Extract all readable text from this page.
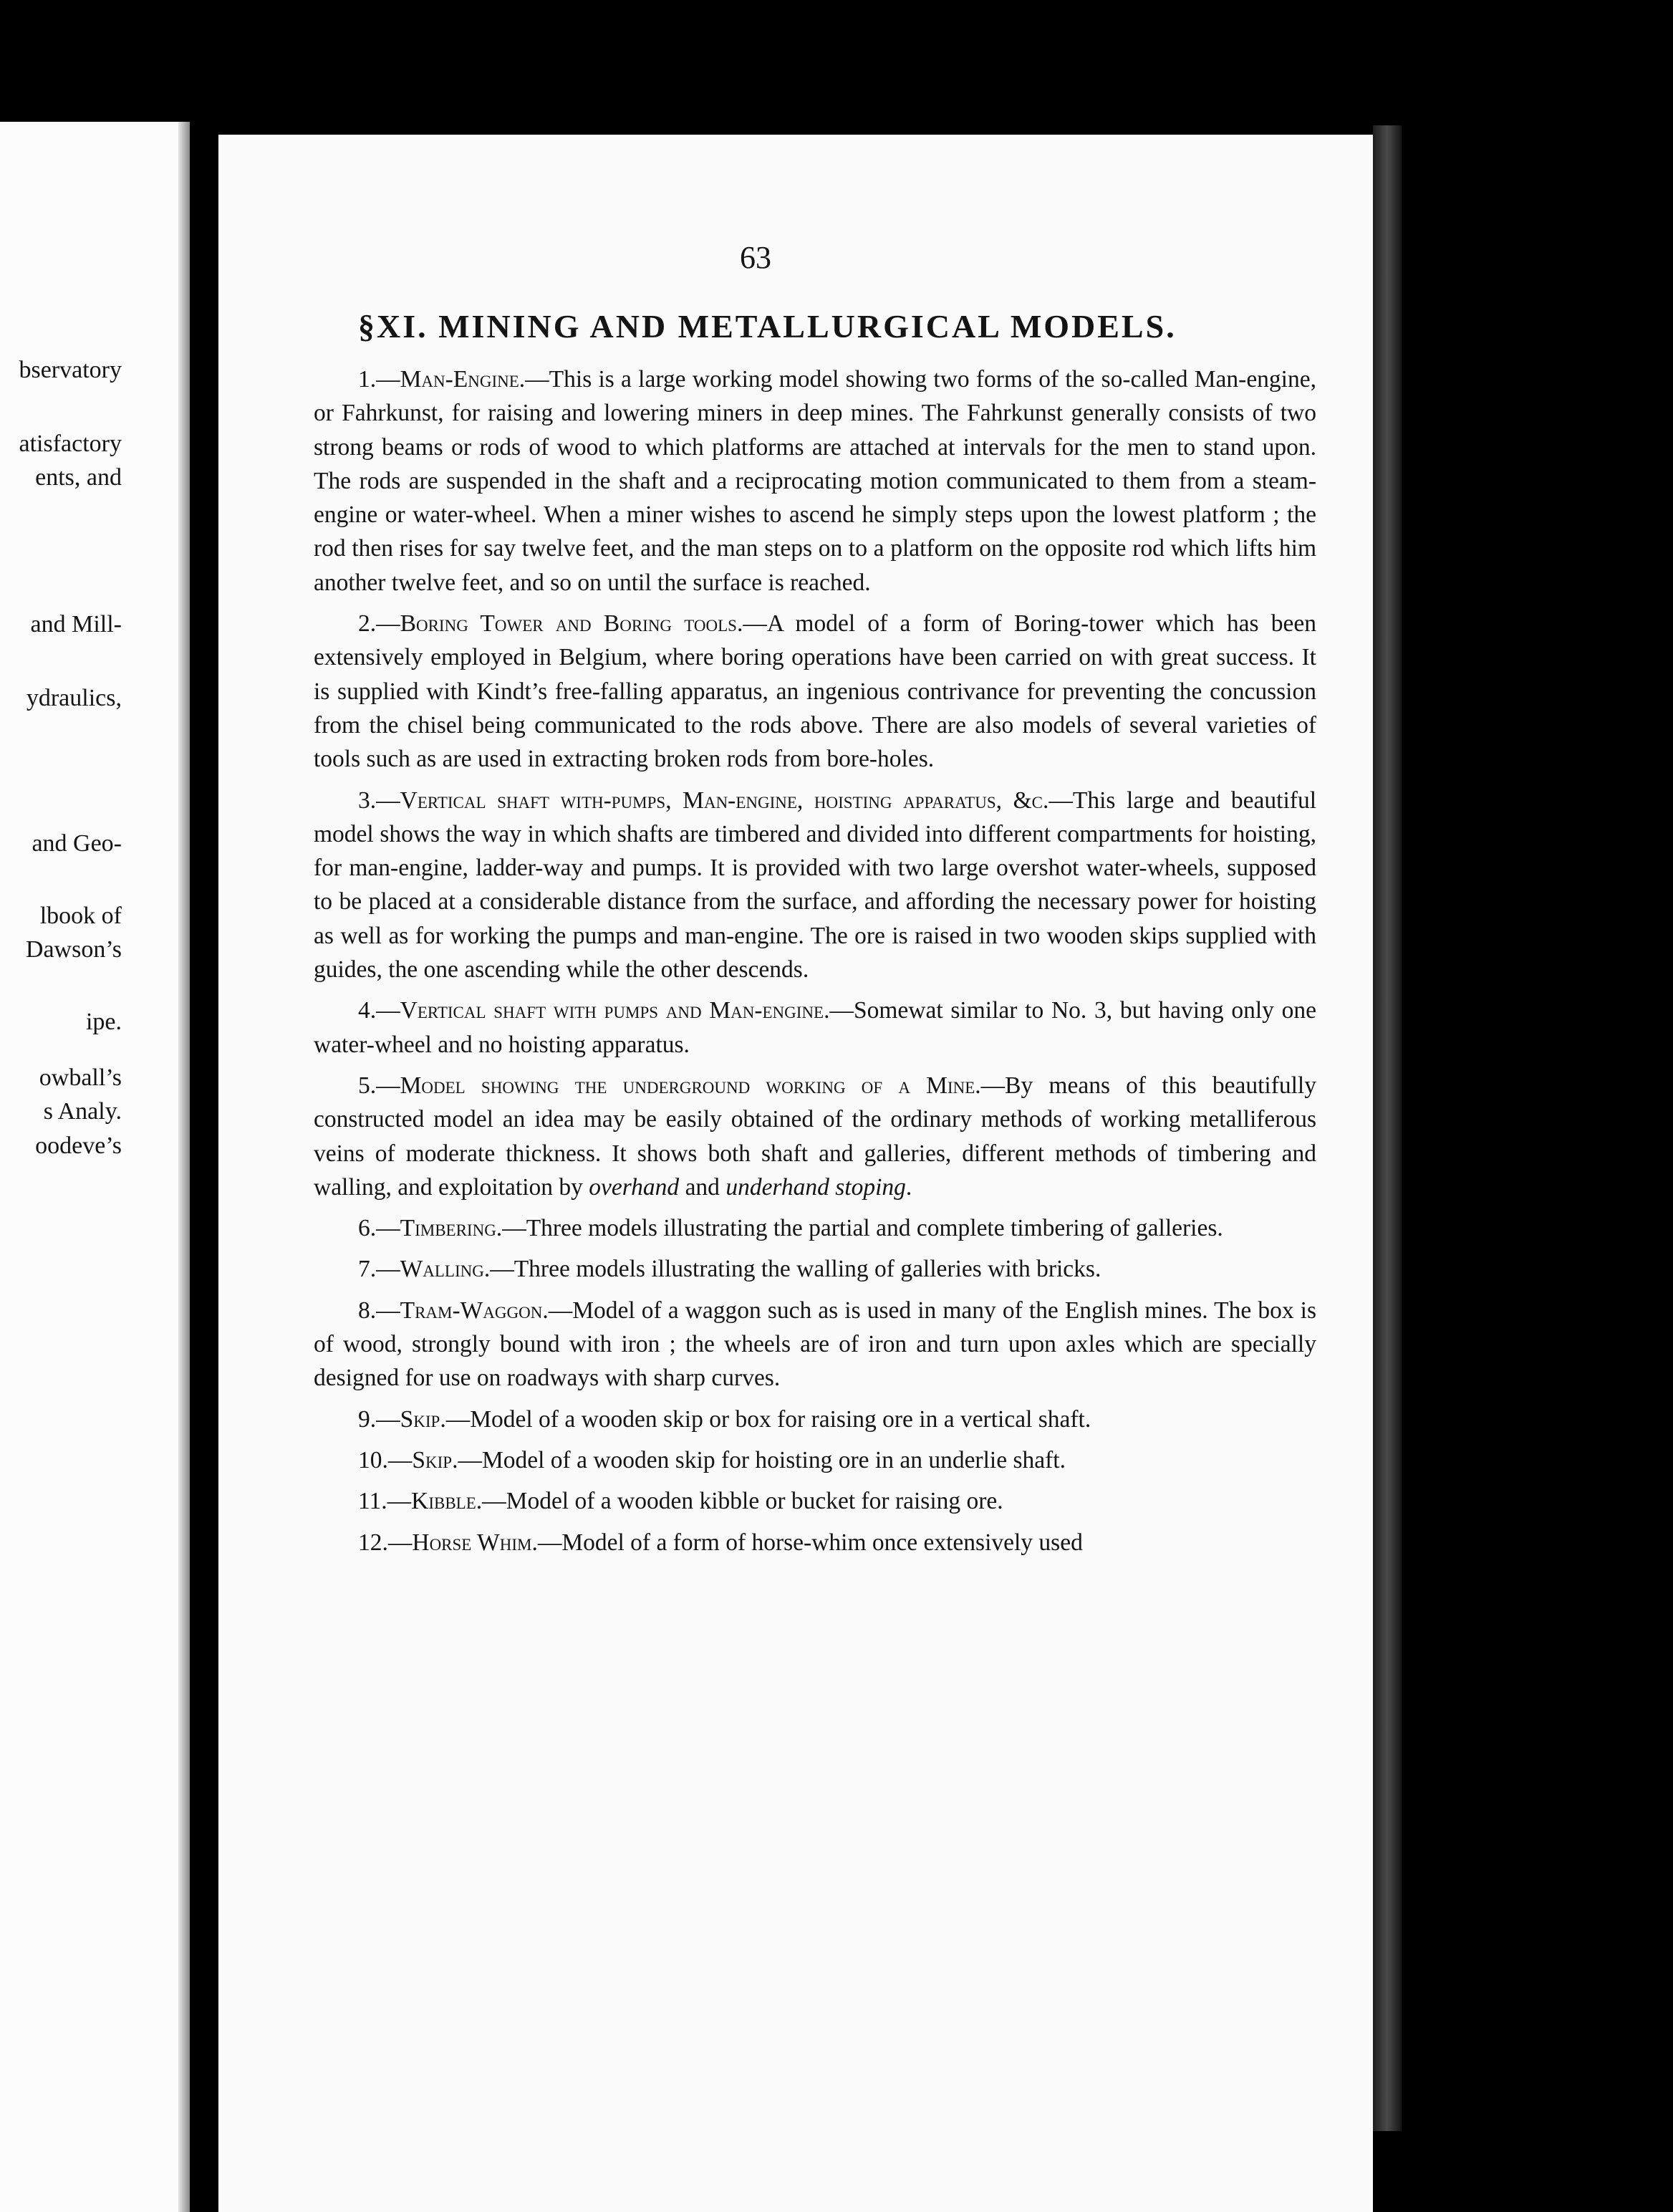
bservatory
atisfactory
ents, and
and Mill-
ydraulics,
and Geo-
lbook of
Dawson’s
ipe.
owball’s
s Analy.
oodeve’s
63
§XI. MINING AND METALLURGICAL MODELS.

1.—Man-Engine.—This is a large working model showing two forms of the so-called Man-engine, or Fahrkunst, for raising and lowering miners in deep mines. The Fahrkunst generally consists of two strong beams or rods of wood to which platforms are attached at intervals for the men to stand upon. The rods are suspended in the shaft and a reciprocating motion communicated to them from a steam-engine or water-wheel. When a miner wishes to ascend he simply steps upon the lowest platform ; the rod then rises for say twelve feet, and the man steps on to a platform on the opposite rod which lifts him another twelve feet, and so on until the surface is reached.

2.—Boring Tower and Boring tools.—A model of a form of Boring-tower which has been extensively employed in Belgium, where boring operations have been carried on with great success. It is supplied with Kindt’s free-falling apparatus, an ingenious contrivance for preventing the concussion from the chisel being communicated to the rods above. There are also models of several varieties of tools such as are used in extracting broken rods from bore-holes.

3.—Vertical shaft with-pumps, Man-engine, hoisting apparatus, &c.—This large and beautiful model shows the way in which shafts are timbered and divided into different compartments for hoisting, for man-engine, ladder-way and pumps. It is provided with two large overshot water-wheels, supposed to be placed at a considerable distance from the surface, and affording the necessary power for hoisting as well as for working the pumps and man-engine. The ore is raised in two wooden skips supplied with guides, the one ascending while the other descends.

4.—Vertical shaft with pumps and Man-engine.—Somewat similar to No. 3, but having only one water-wheel and no hoisting apparatus.

5.—Model showing the underground working of a Mine.—By means of this beautifully constructed model an idea may be easily obtained of the ordinary methods of working metalliferous veins of moderate thickness. It shows both shaft and galleries, different methods of timbering and walling, and exploitation by overhand and underhand stoping.

6.—Timbering.—Three models illustrating the partial and complete timbering of galleries.

7.—Walling.—Three models illustrating the walling of galleries with bricks.

8.—Tram-Waggon.—Model of a waggon such as is used in many of the English mines. The box is of wood, strongly bound with iron ; the wheels are of iron and turn upon axles which are specially designed for use on roadways with sharp curves.

9.—Skip.—Model of a wooden skip or box for raising ore in a vertical shaft.

10.—Skip.—Model of a wooden skip for hoisting ore in an underlie shaft.

11.—Kibble.—Model of a wooden kibble or bucket for raising ore.

12.—Horse Whim.—Model of a form of horse-whim once extensively used
